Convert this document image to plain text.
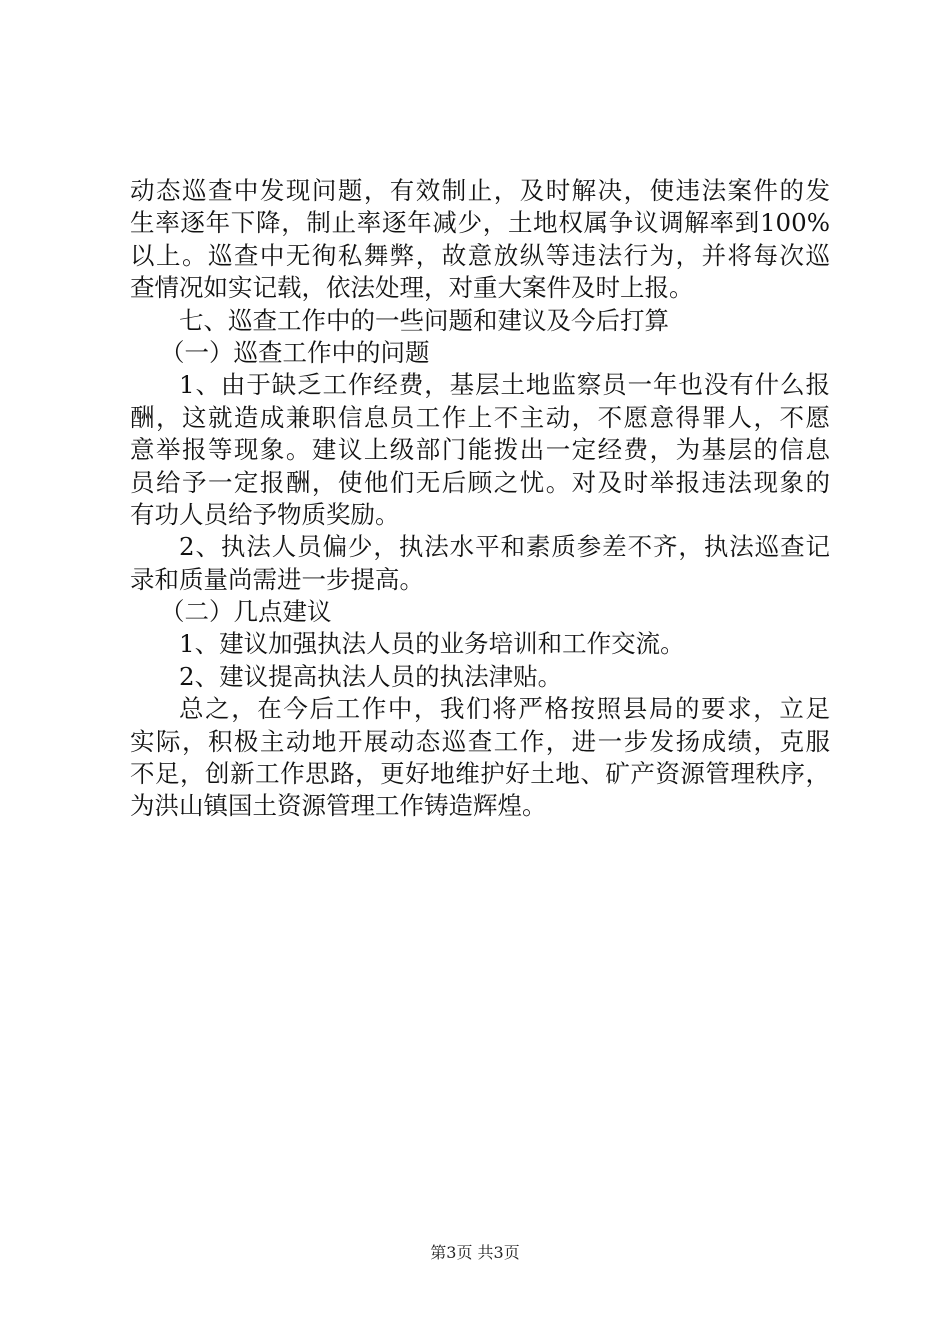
动态巡查中发现问题，有效制止，及时解决，使违法案件的发
生率逐年下降，制止率逐年减少，土地权属争议调解率到100%
以上。巡查中无徇私舞弊，故意放纵等违法行为，并将每次巡
查情况如实记载，依法处理，对重大案件及时上报。
七、巡查工作中的一些问题和建议及今后打算
（一）巡查工作中的问题
1、由于缺乏工作经费，基层土地监察员一年也没有什么报
酬，这就造成兼职信息员工作上不主动，不愿意得罪人，不愿
意举报等现象。建议上级部门能拨出一定经费，为基层的信息
员给予一定报酬，使他们无后顾之忧。对及时举报违法现象的
有功人员给予物质奖励。
2、执法人员偏少，执法水平和素质参差不齐，执法巡查记
录和质量尚需进一步提高。
（二）几点建议
1、建议加强执法人员的业务培训和工作交流。
2、建议提高执法人员的执法津贴。
总之，在今后工作中，我们将严格按照县局的要求，立足
实际，积极主动地开展动态巡查工作，进一步发扬成绩，克服
不足，创新工作思路，更好地维护好土地、矿产资源管理秩序，
为洪山镇国土资源管理工作铸造辉煌。
第3页 共3页
